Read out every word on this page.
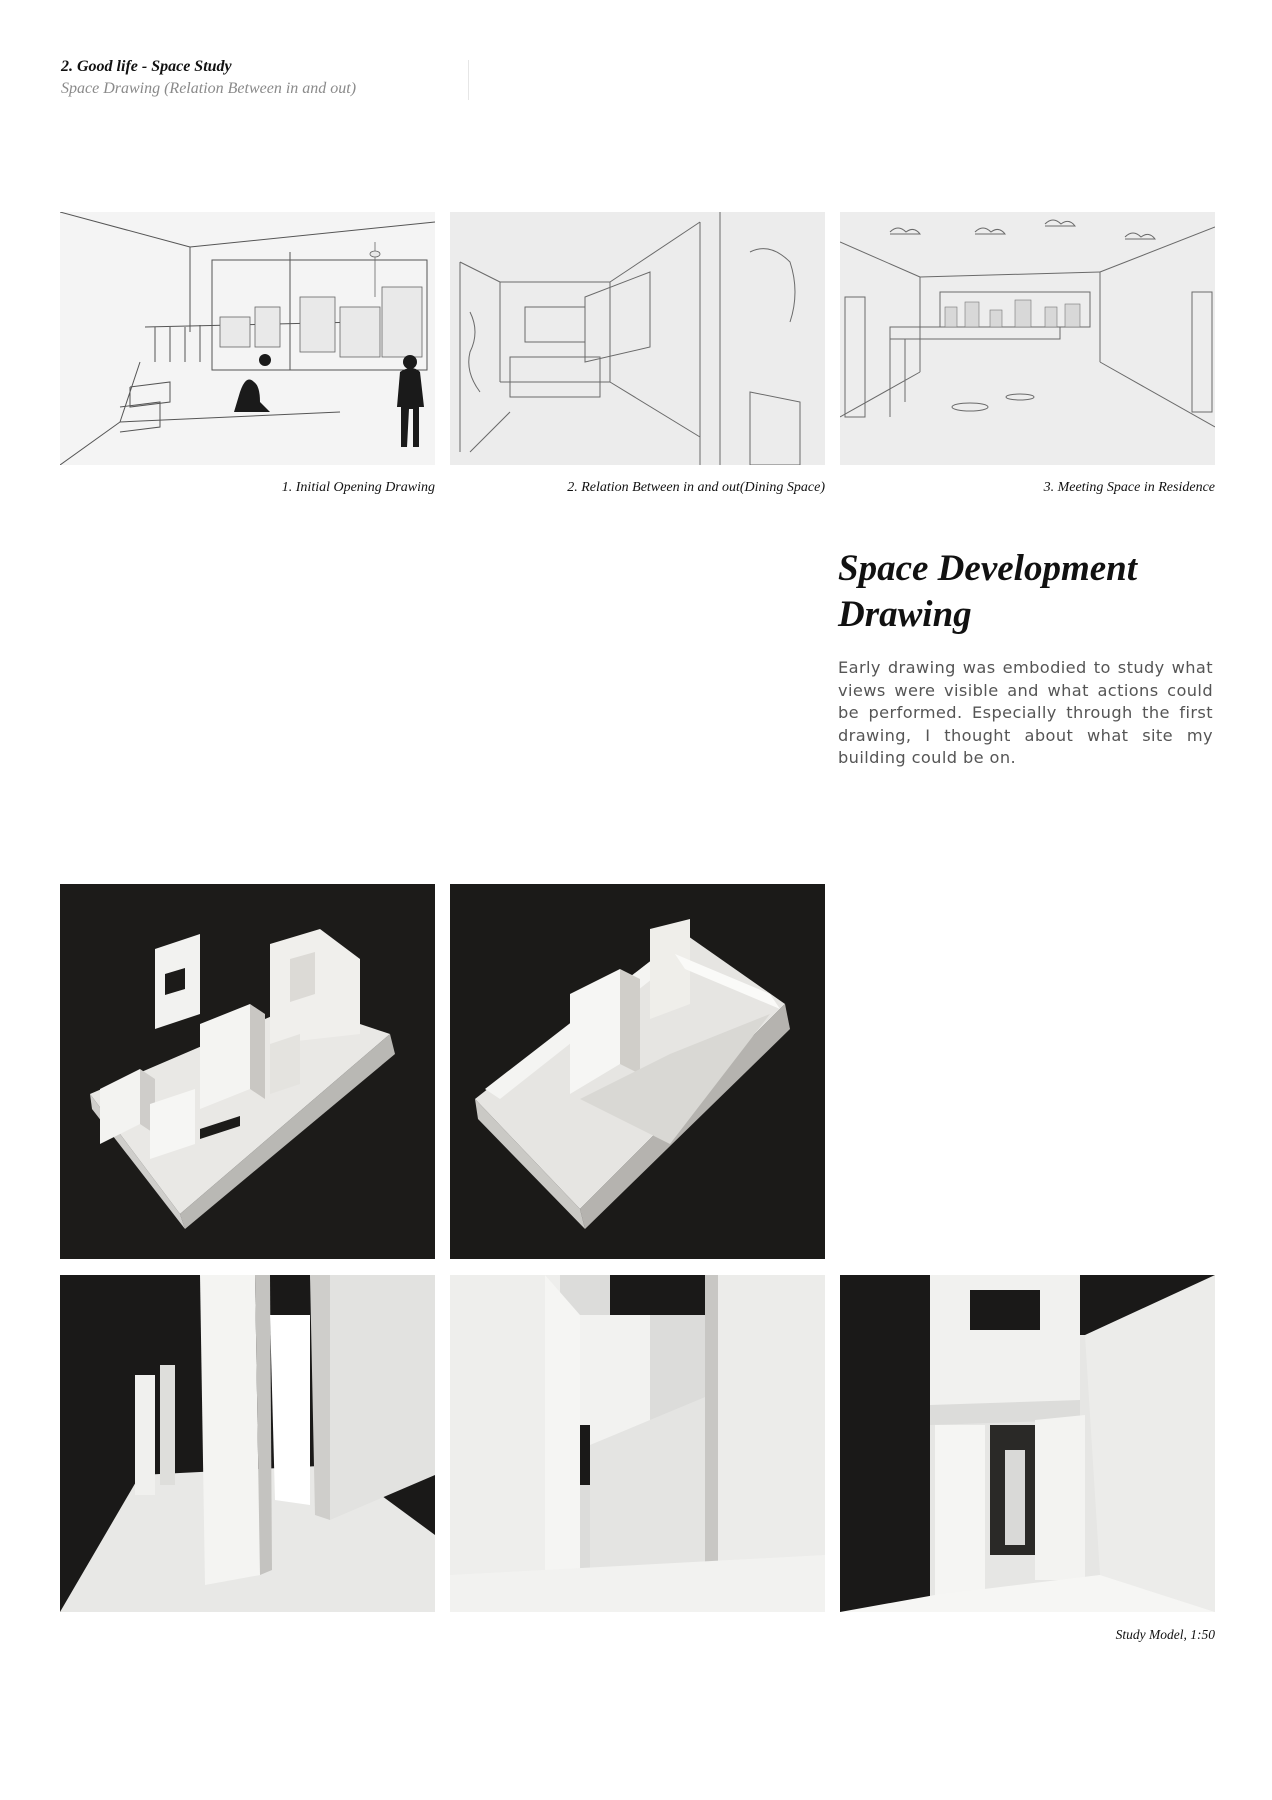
2. Good life - Space Study
Space Drawing (Relation Between in and out)
1. Initial Opening Drawing	2. Relation Between in and out(Dining Space)	3. Meeting Space in Residence
Space Development
Drawing
Early drawing was embodied to study what views were visible and what actions could be performed. Especially through the first drawing, I thought about what site my building could be on.
Study Model, 1:50
